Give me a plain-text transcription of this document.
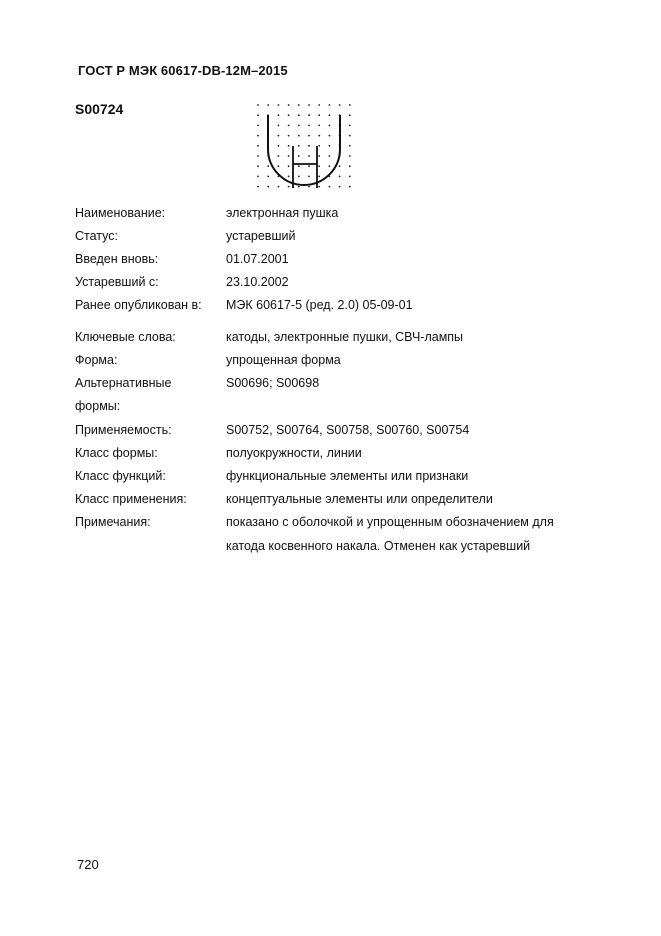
ГОСТ Р МЭК 60617-DB-12M–2015
S00724
Наименование:	электронная пушка
Статус:	устаревший
Введен вновь:	01.07.2001
Устаревший с:	23.10.2002
Ранее опубликован в:	МЭК 60617-5 (ред. 2.0) 05-09-01
Ключевые слова:	катоды, электронные пушки, СВЧ-лампы
Форма:	упрощенная форма
Альтернативные	S00696; S00698
формы:
Применяемость:	S00752, S00764, S00758, S00760, S00754
Класс формы:	полуокружности, линии
Класс функций:	функциональные элементы или признаки
Класс применения:	концептуальные элементы или определители
Примечания:	показано с оболочкой и упрощенным обозначением для
катода косвенного накала. Отменен как устаревший
720
